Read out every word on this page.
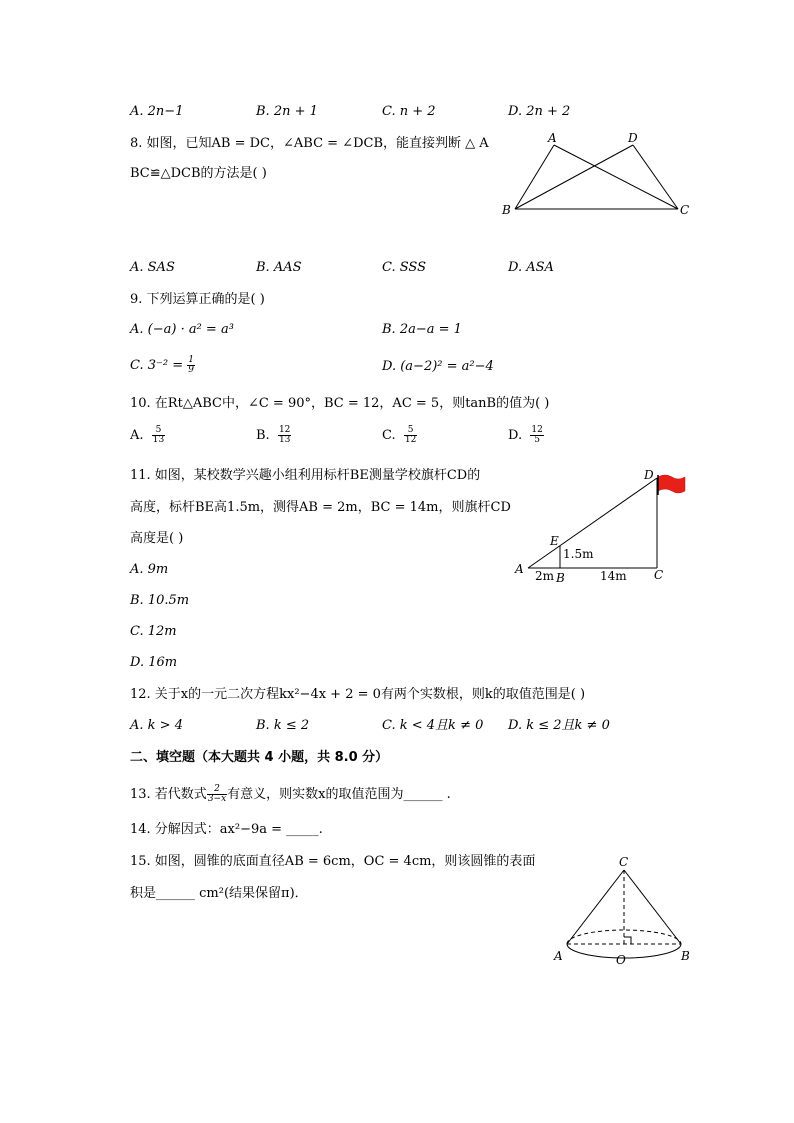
A. 2n−1	B. 2n + 1	C. n + 2	D. 2n + 2
8. 如图，已知AB = DC，∠ABC = ∠DCB，能直接判断 △ A
BC≌△DCB的方法是( )
A	D
B	C
A. SAS	B. AAS	C. SSS	D. ASA
9. 下列运算正确的是( )
A. (−a) · a² = a³	B. 2a−a = 1
C. $3^{-2} = \frac{1}{9}$	D. (a−2)² = a²−4
10. 在Rt△ABC中，∠C = 90°，BC = 12，AC = 5，则tanB的值为( )
A. $\frac{5}{13}$	B. $\frac{12}{13}$	C. $\frac{5}{12}$	D. $\frac{12}{5}$
11. 如图，某校数学兴趣小组利用标杆BE测量学校旗杆CD的
高度，标杆BE高1.5m，测得AB = 2m，BC = 14m，则旗杆CD
高度是( )
A. 9m
B. 10.5m
C. 12m
D. 16m
D
E
A
B	C
1.5m
2m	14m
12. 关于x的一元二次方程kx²−4x + 2 = 0有两个实数根，则k的取值范围是( )
A. k > 4	B. k ≤ 2	C. k < 4且k ≠ 0 D. k ≤ 2且k ≠ 0
二、填空题（本大题共 4 小题，共 8.0 分）
13. 若代数式 $\frac{2}{3-x}$ 有意义，则实数x的取值范围为______ .
14. 分解因式：ax²−9a = _____.
15. 如图，圆锥的底面直径AB = 6cm，OC = 4cm，则该圆锥的表面
积是______ cm²(结果保留π)．
C
A	O	B
